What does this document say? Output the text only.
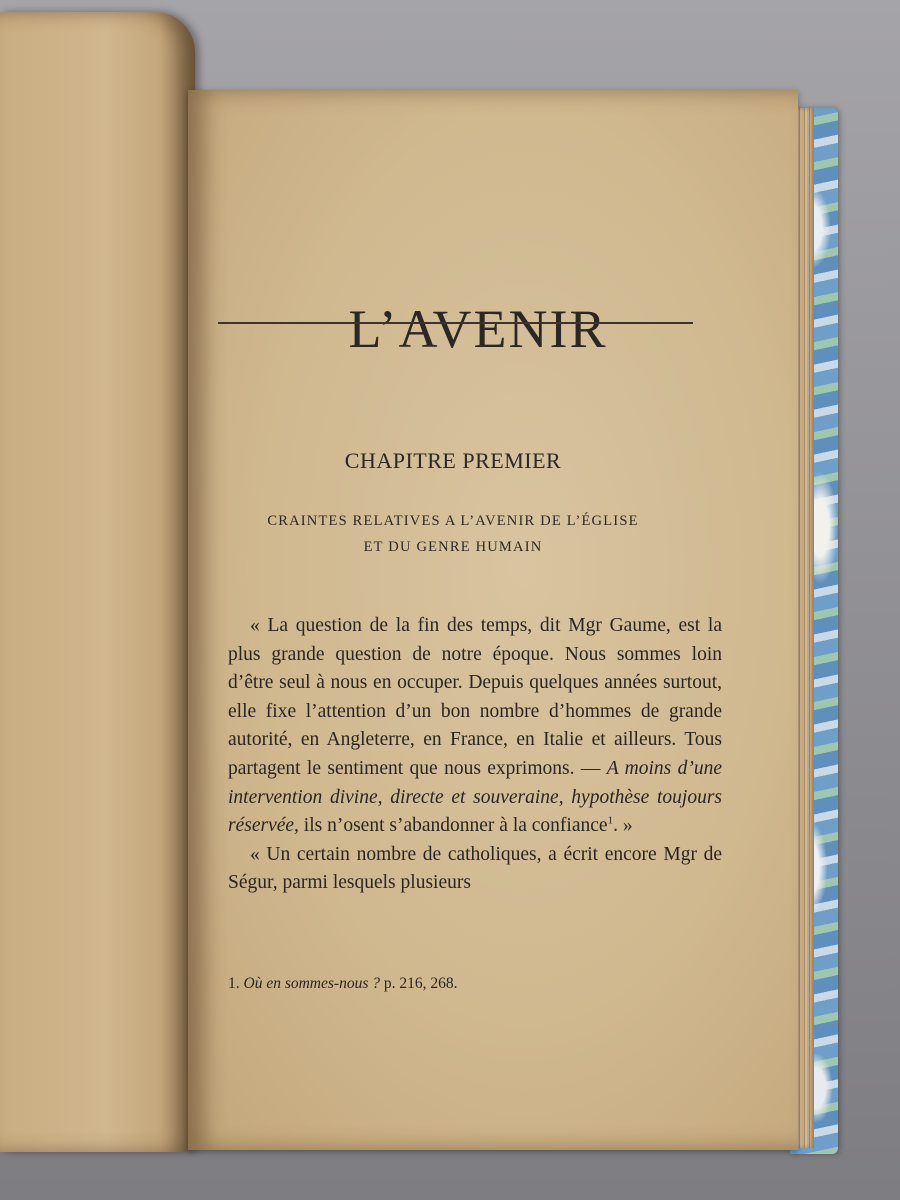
L’AVENIR
CHAPITRE PREMIER
CRAINTES RELATIVES A L’AVENIR DE L’ÉGLISE
ET DU GENRE HUMAIN

« La question de la fin des temps, dit Mgr Gaume, est la plus grande question de notre époque. Nous sommes loin d’être seul à nous en occuper. Depuis quelques années surtout, elle fixe l’attention d’un bon nombre d’hommes de grande autorité, en Angleterre, en France, en Italie et ailleurs. Tous partagent le sentiment que nous exprimons. — A moins d’une intervention divine, directe et souveraine, hypothèse toujours réservée, ils n’osent s’abandonner à la confiance$^1$. »
« Un certain nombre de catholiques, a écrit encore Mgr de Ségur, parmi lesquels plusieurs

1. Où en sommes-nous ? p. 216, 268.
